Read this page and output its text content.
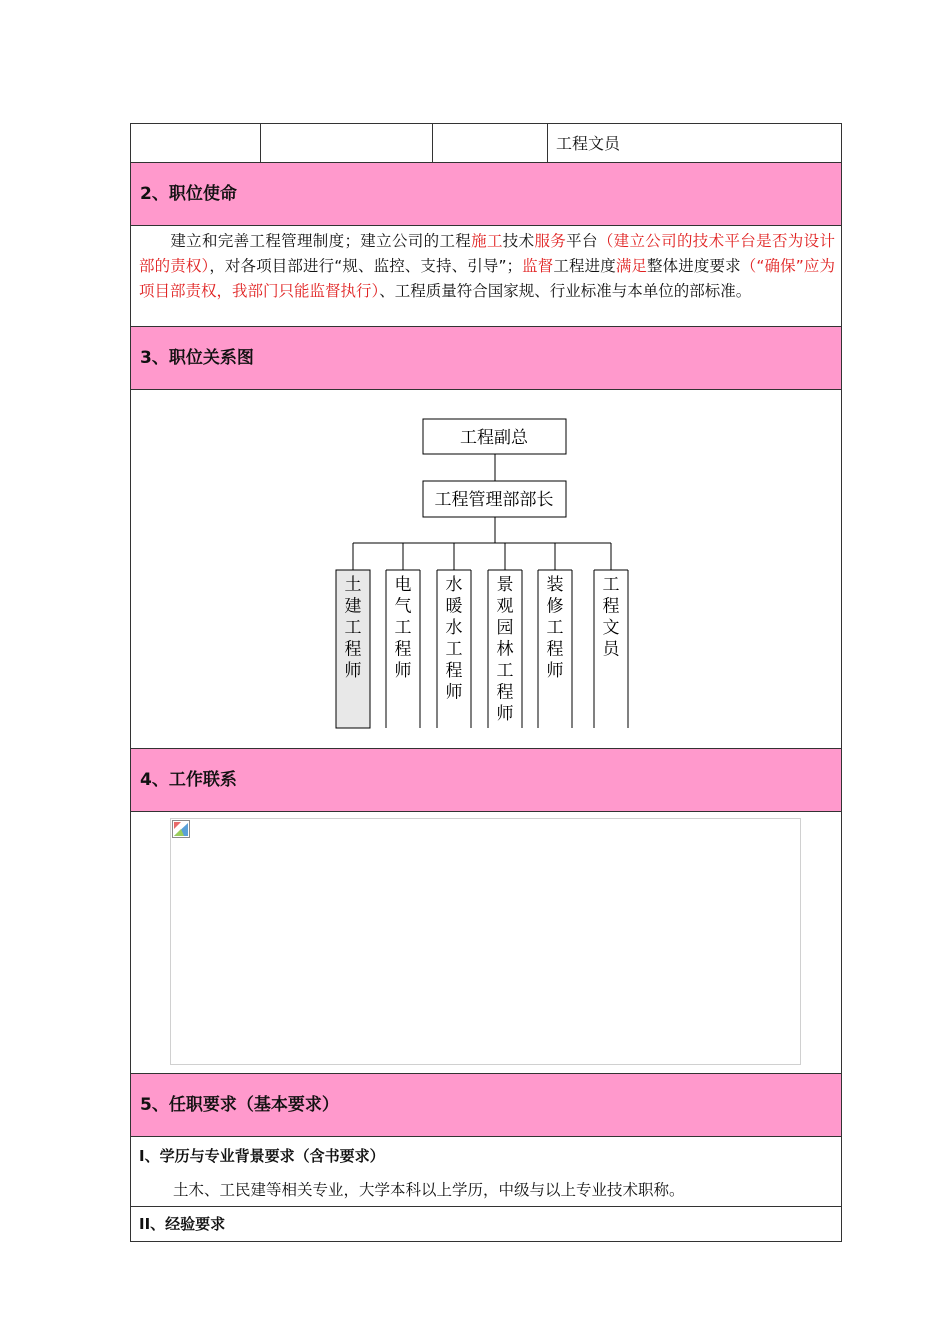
工程文员
2、职位使命
建立和完善工程管理制度；建立公司的工程施工技术服务平台（建立公司的技术平台是否为设计部的责权），对各项目部进行“规、监控、支持、引导”；监督工程进度满足整体进度要求（“确保”应为项目部责权，我部门只能监督执行）、工程质量符合国家规、行业标准与本单位的部标准。
3、职位关系图
工程副总
工程管理部部长
土建工程师
电气工程师
水暖水工程师
景观园林工程师
装修工程师
工程文员
4、工作联系
5、任职要求（基本要求）
I、学历与专业背景要求（含书要求）
土木、工民建等相关专业，大学本科以上学历，中级与以上专业技术职称。
II、经验要求
